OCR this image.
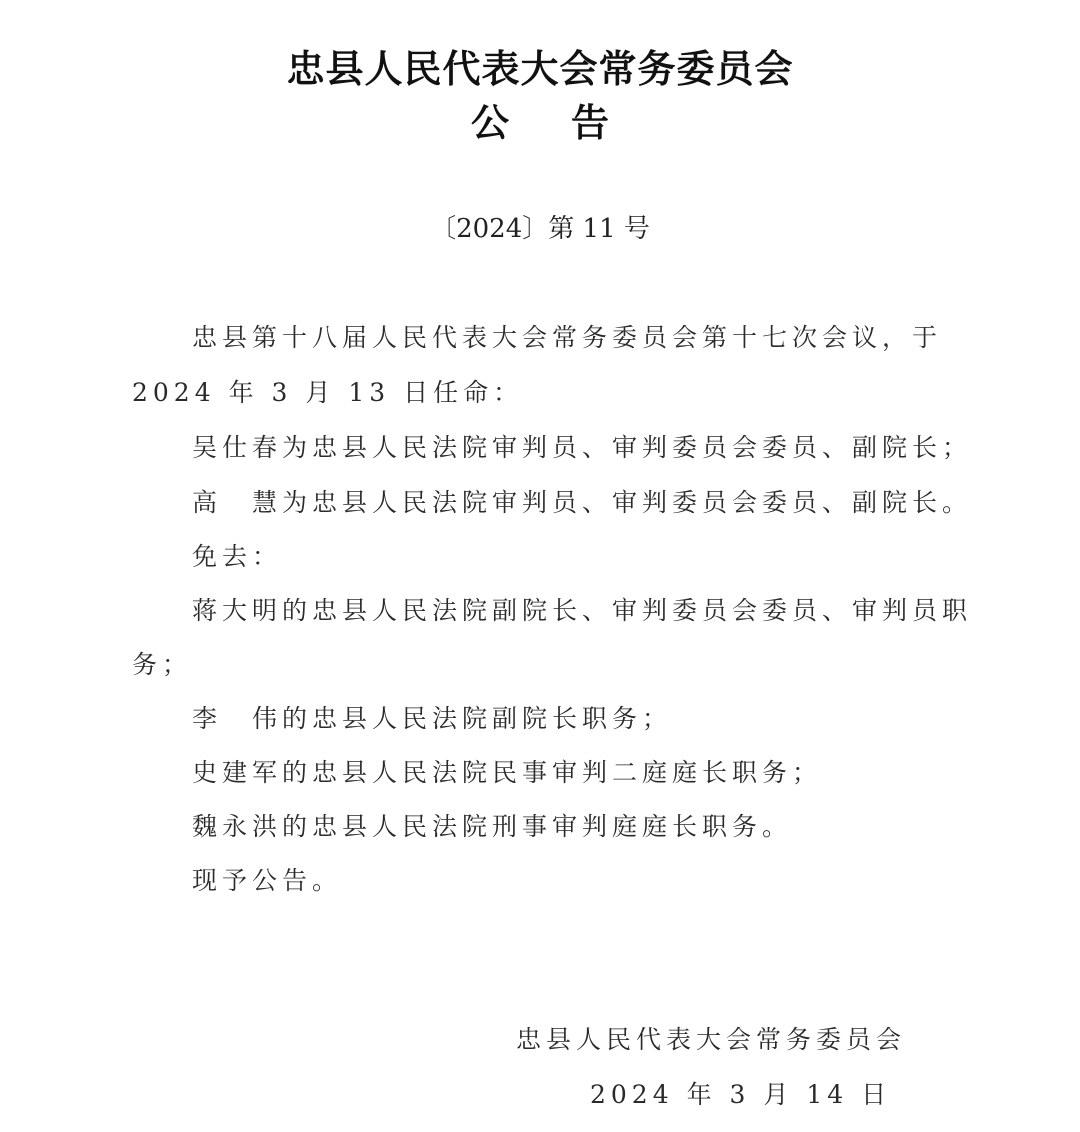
忠县人民代表大会常务委员会
公告
〔2024〕第 11 号
忠县第十八届人民代表大会常务委员会第十七次会议，于
2024 年 3 月 13 日任命：
吴仕春为忠县人民法院审判员、审判委员会委员、副院长；
高　慧为忠县人民法院审判员、审判委员会委员、副院长。
免去：
蒋大明的忠县人民法院副院长、审判委员会委员、审判员职
务；
李　伟的忠县人民法院副院长职务；
史建军的忠县人民法院民事审判二庭庭长职务；
魏永洪的忠县人民法院刑事审判庭庭长职务。
现予公告。
忠县人民代表大会常务委员会
2024 年 3 月 14 日
